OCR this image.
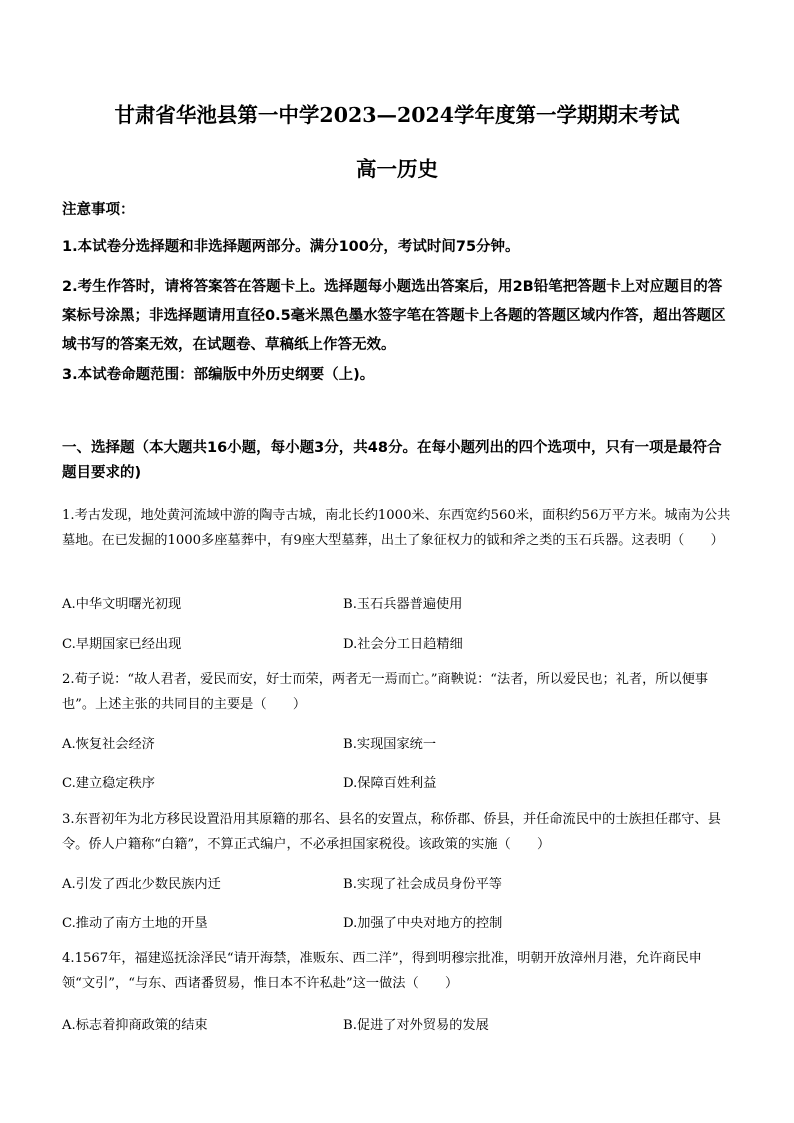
甘肃省华池县第一中学2023—2024学年度第一学期期末考试
高一历史
注意事项：
1.本试卷分选择题和非选择题两部分。满分100分，考试时间75分钟。
2.考生作答时，请将答案答在答题卡上。选择题每小题选出答案后，用2B铅笔把答题卡上对应题目的答案标号涂黑；非选择题请用直径0.5毫米黑色墨水签字笔在答题卡上各题的答题区域内作答，超出答题区域书写的答案无效，在试题卷、草稿纸上作答无效。
3.本试卷命题范围：部编版中外历史纲要（上)。
一、选择题（本大题共16小题，每小题3分，共48分。在每小题列出的四个选项中，只有一项是最符合题目要求的)
1.考古发现，地处黄河流域中游的陶寺古城，南北长约1000米、东西宽约560米，面积约56万平方米。城南为公共墓地。在已发掘的1000多座墓葬中，有9座大型墓葬，出土了象征权力的钺和斧之类的玉石兵器。这表明（　　）
A.中华文明曙光初现	B.玉石兵器普遍使用
C.早期国家已经出现	D.社会分工日趋精细
2.荀子说：“故人君者，爱民而安，好士而荣，两者无一焉而亡。”商鞅说：“法者，所以爱民也；礼者，所以便事也”。上述主张的共同目的主要是（　　）
A.恢复社会经济	B.实现国家统一
C.建立稳定秩序	D.保障百姓利益
3.东晋初年为北方移民设置沿用其原籍的那名、县名的安置点，称侨郡、侨县，并任命流民中的士族担任郡守、县令。侨人户籍称“白籍”，不算正式编户，不必承担国家税役。该政策的实施（　　）
A.引发了西北少数民族内迁	B.实现了社会成员身份平等
C.推动了南方土地的开垦	D.加强了中央对地方的控制
4.1567年，福建巡抚涂泽民“请开海禁，准贩东、西二洋”，得到明穆宗批准，明朝开放漳州月港，允许商民申领“文引”，“与东、西诸番贸易，惟日本不许私赴”这一做法（　　）
A.标志着抑商政策的结束	B.促进了对外贸易的发展
